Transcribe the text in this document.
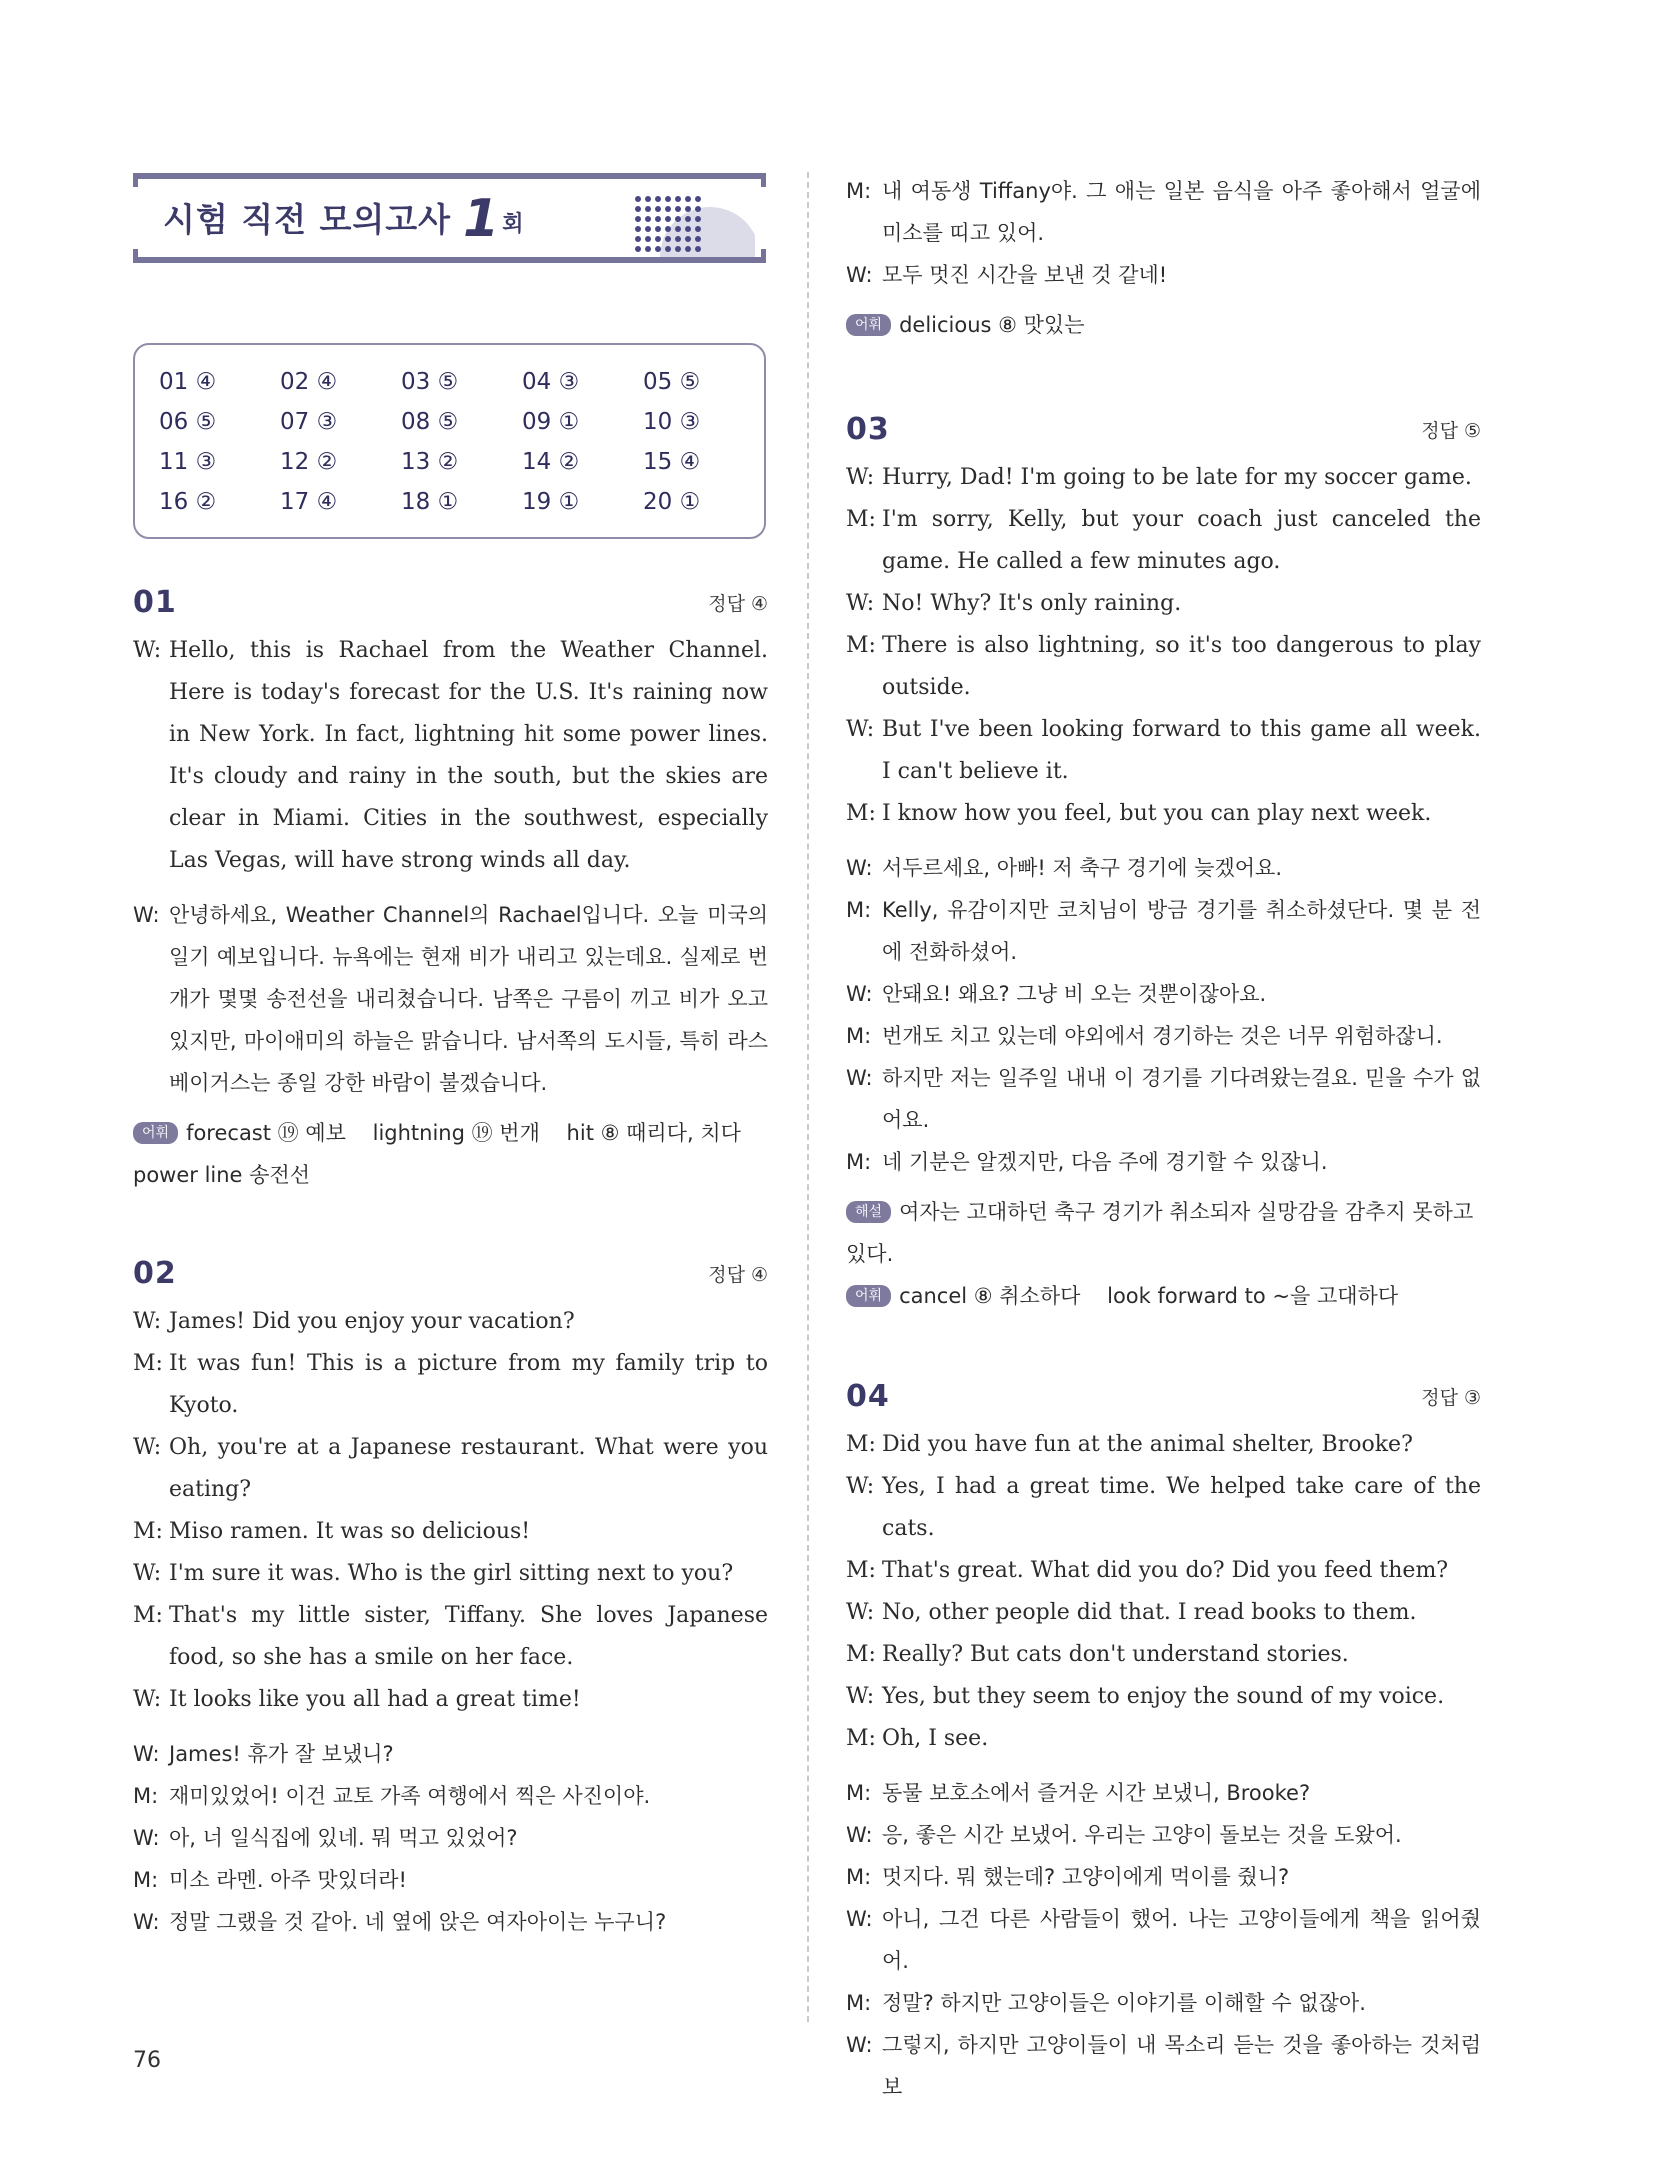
시험 직전 모의고사 1회
01 ④	02 ④	03 ⑤	04 ③	05 ⑤
06 ⑤	07 ③	08 ⑤	09 ①	10 ③
11 ③	12 ②	13 ②	14 ②	15 ④
16 ②	17 ④	18 ①	19 ①	20 ①
01	정답 ④
W: Hello, this is Rachael from the Weather Channel. Here is today's forecast for the U.S. It's raining now in New York. In fact, lightning hit some power lines. It's cloudy and rainy in the south, but the skies are clear in Miami. Cities in the southwest, especially Las Vegas, will have strong winds all day.
W: 안녕하세요, Weather Channel의 Rachael입니다. 오늘 미국의 일기 예보입니다. 뉴욕에는 현재 비가 내리고 있는데요. 실제로 번개가 몇몇 송전선을 내리쳤습니다. 남쪽은 구름이 끼고 비가 오고 있지만, 마이애미의 하늘은 맑습니다. 남서쪽의 도시들, 특히 라스베이거스는 종일 강한 바람이 불겠습니다.
어휘 forecast ⑲ 예보    lightning ⑲ 번개    hit ⑧ 때리다, 치다 power line 송전선
02	정답 ④
W: James! Did you enjoy your vacation?
M: It was fun! This is a picture from my family trip to Kyoto.
W: Oh, you're at a Japanese restaurant. What were you eating?
M: Miso ramen. It was so delicious!
W: I'm sure it was. Who is the girl sitting next to you?
M: That's my little sister, Tiffany. She loves Japanese food, so she has a smile on her face.
W: It looks like you all had a great time!
W: James! 휴가 잘 보냈니?
M: 재미있었어! 이건 교토 가족 여행에서 찍은 사진이야.
W: 아, 너 일식집에 있네. 뭐 먹고 있었어?
M: 미소 라멘. 아주 맛있더라!
W: 정말 그랬을 것 같아. 네 옆에 앉은 여자아이는 누구니?
M: 내 여동생 Tiffany야. 그 애는 일본 음식을 아주 좋아해서 얼굴에 미소를 띠고 있어.
W: 모두 멋진 시간을 보낸 것 같네!
어휘 delicious ⑧ 맛있는
03	정답 ⑤
W: Hurry, Dad! I'm going to be late for my soccer game.
M: I'm sorry, Kelly, but your coach just canceled the game. He called a few minutes ago.
W: No! Why? It's only raining.
M: There is also lightning, so it's too dangerous to play outside.
W: But I've been looking forward to this game all week. I can't believe it.
M: I know how you feel, but you can play next week.
W: 서두르세요, 아빠! 저 축구 경기에 늦겠어요.
M: Kelly, 유감이지만 코치님이 방금 경기를 취소하셨단다. 몇 분 전에 전화하셨어.
W: 안돼요! 왜요? 그냥 비 오는 것뿐이잖아요.
M: 번개도 치고 있는데 야외에서 경기하는 것은 너무 위험하잖니.
W: 하지만 저는 일주일 내내 이 경기를 기다려왔는걸요. 믿을 수가 없어요.
M: 네 기분은 알겠지만, 다음 주에 경기할 수 있잖니.
해설 여자는 고대하던 축구 경기가 취소되자 실망감을 감추지 못하고 있다.
어휘 cancel ⑧ 취소하다    look forward to ~을 고대하다
04	정답 ③
M: Did you have fun at the animal shelter, Brooke?
W: Yes, I had a great time. We helped take care of the cats.
M: That's great. What did you do? Did you feed them?
W: No, other people did that. I read books to them.
M: Really? But cats don't understand stories.
W: Yes, but they seem to enjoy the sound of my voice.
M: Oh, I see.
M: 동물 보호소에서 즐거운 시간 보냈니, Brooke?
W: 응, 좋은 시간 보냈어. 우리는 고양이 돌보는 것을 도왔어.
M: 멋지다. 뭐 했는데? 고양이에게 먹이를 줬니?
W: 아니, 그건 다른 사람들이 했어. 나는 고양이들에게 책을 읽어줬어.
M: 정말? 하지만 고양이들은 이야기를 이해할 수 없잖아.
W: 그렇지, 하지만 고양이들이 내 목소리 듣는 것을 좋아하는 것처럼 보
76
